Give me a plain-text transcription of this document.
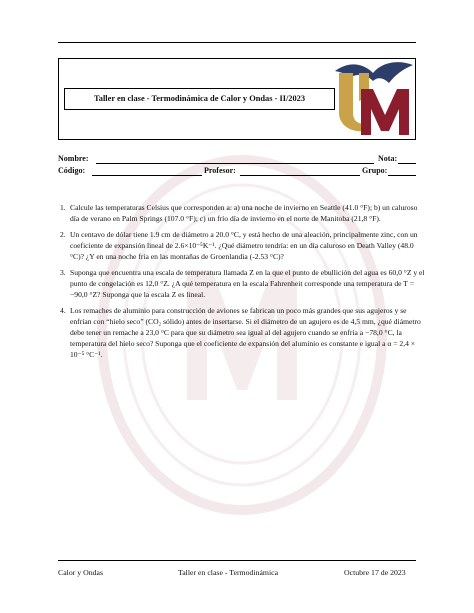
Taller en clase - Termodinámica de Calor y Ondas - II/2023
Nombre:	Nota:
Código:	Profesor:	Grupo:
1. Calcule las temperaturas Celsius que corresponden a: a) una noche de invierno en Seattle (41.0 °F); b) un caluroso día de verano en Palm Springs (107.0 °F); c) un frío día de invierno en el norte de Manitoba (21,8 °F).
2. Un centavo de dólar tiene 1.9 cm de diámetro a 20.0 °C, y está hecho de una aleación, principalmente zinc, con un coeficiente de expansión lineal de 2.6×10⁻⁵K⁻¹. ¿Qué diámetro tendría: en un día caluroso en Death Valley (48.0 °C)? ¿Y en una noche fría en las montañas de Groenlandia (-2.53 °C)?
3. Suponga que encuentra una escala de temperatura llamada Z en la que el punto de ebullición del agua es 60,0 °Z y el punto de congelación es 12,0 °Z. ¿A qué temperatura en la escala Fahrenheit corresponde una temperatura de T = −90,0 °Z? Suponga que la escala Z es lineal.
4. Los remaches de aluminio para construcción de aviones se fabrican un poco más grandes que sus agujeros y se enfrían con “hielo seco” (CO₂ sólido) antes de insertarse. Si el diámetro de un agujero es de 4,5 mm, ¿qué diámetro debe tener un remache a 23,0 °C para que su diámetro sea igual al del agujero cuando se enfría a −78,0 °C, la temperatura del hielo seco? Suponga que el coeficiente de expansión del aluminio es constante e igual a α = 2,4 × 10⁻⁵ °C⁻¹.
Calor y Ondas	Taller en clase - Termodinámica	Octubre 17 de 2023
